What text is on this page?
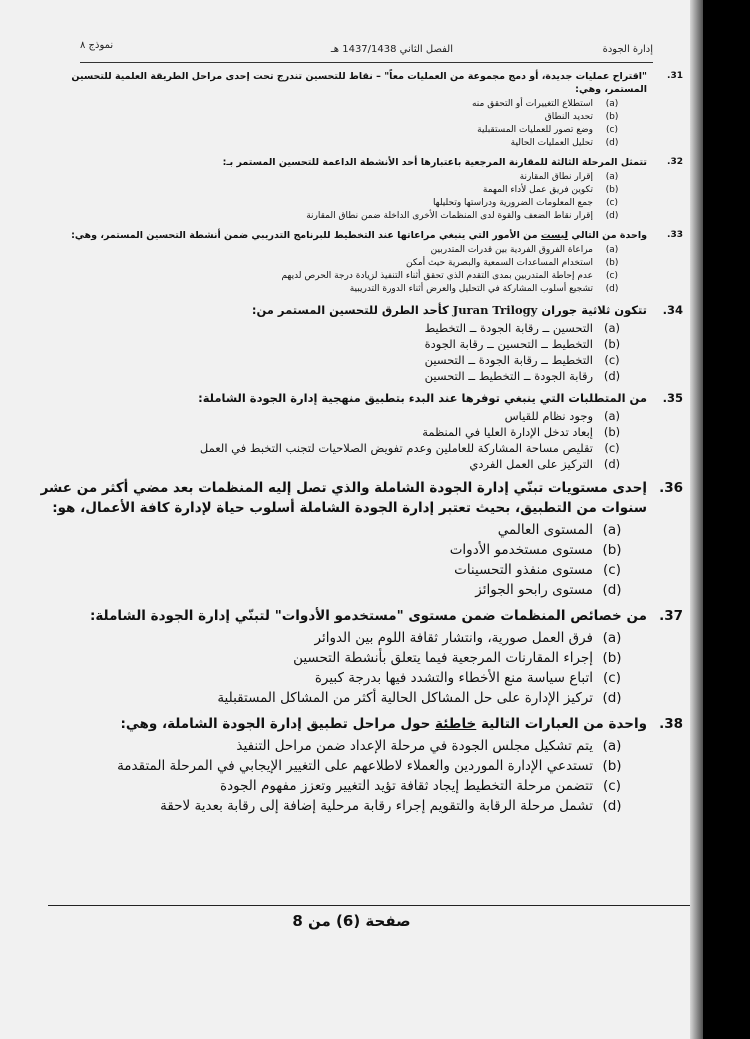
إدارة الجودة
الفصل الثاني 1437/1438 هـ
نموذج ٨
31.
"اقتراح عمليات جديدة، أو دمج مجموعة من العمليات معاً" – نقاط للتحسين تندرج تحت إحدى مراحل الطريقة العلمية للتحسين المستمر، وهي:
(a)
استطلاع التغييرات أو التحقق منه
(b)
تحديد النطاق
(c)
وضع تصور للعمليات المستقبلية
(d)
تحليل العمليات الحالية
32.
تتمثل المرحلة الثالثة للمقارنة المرجعية باعتبارها أحد الأنشطة الداعمة للتحسين المستمر بـ:
(a)
إقرار نطاق المقارنة
(b)
تكوين فريق عمل لأداء المهمة
(c)
جمع المعلومات الضرورية ودراستها وتحليلها
(d)
إقرار نقاط الضعف والقوة لدى المنظمات الأخرى الداخلة ضمن نطاق المقارنة
33.
واحدة من التالي ليست من الأمور التي ينبغي مراعاتها عند التخطيط للبرنامج التدريبي ضمن أنشطة التحسين المستمر، وهي:
(a)
مراعاة الفروق الفردية بين قدرات المتدربين
(b)
استخدام المساعدات السمعية والبصرية حيث أمكن
(c)
عدم إحاطة المتدربين بمدى التقدم الذي تحقق أثناء التنفيذ لزيادة درجة الحرص لديهم
(d)
تشجيع أسلوب المشاركة في التحليل والعرض أثناء الدورة التدريبية
34.
تتكون ثلاثية جوران Juran Trilogy كأحد الطرق للتحسين المستمر من:
(a)
التحسين ــ رقابة الجودة ــ التخطيط
(b)
التخطيط ــ التحسين ــ رقابة الجودة
(c)
التخطيط ــ رقابة الجودة ــ التحسين
(d)
رقابة الجودة ــ التخطيط ــ التحسين
35.
من المتطلبات التي ينبغي توفرها عند البدء بتطبيق منهجية إدارة الجودة الشاملة:
(a)
وجود نظام للقياس
(b)
إبعاد تدخل الإدارة العليا في المنظمة
(c)
تقليص مساحة المشاركة للعاملين وعدم تفويض الصلاحيات لتجنب التخبط في العمل
(d)
التركيز على العمل الفردي
36.
إحدى مستويات تبنّي إدارة الجودة الشاملة والذي تصل إليه المنظمات بعد مضي أكثر من عشر سنوات من التطبيق، بحيث تعتبر إدارة الجودة الشاملة أسلوب حياة لإدارة كافة الأعمال، هو:
(a)
المستوى العالمي
(b)
مستوى مستخدمو الأدوات
(c)
مستوى منفذو التحسينات
(d)
مستوى رابحو الجوائز
37.
من خصائص المنظمات ضمن مستوى "مستخدمو الأدوات" لتبنّي إدارة الجودة الشاملة:
(a)
فرق العمل صورية، وانتشار ثقافة اللوم بين الدوائر
(b)
إجراء المقارنات المرجعية فيما يتعلق بأنشطة التحسين
(c)
اتباع سياسة منع الأخطاء والتشدد فيها بدرجة كبيرة
(d)
تركيز الإدارة على حل المشاكل الحالية أكثر من المشاكل المستقبلية
38.
واحدة من العبارات التالية خاطئة حول مراحل تطبيق إدارة الجودة الشاملة، وهي:
(a)
يتم تشكيل مجلس الجودة في مرحلة الإعداد ضمن مراحل التنفيذ
(b)
تستدعي الإدارة الموردين والعملاء لاطلاعهم على التغيير الإيجابي في المرحلة المتقدمة
(c)
تتضمن مرحلة التخطيط إيجاد ثقافة تؤيد التغيير وتعزز مفهوم الجودة
(d)
تشمل مرحلة الرقابة والتقويم إجراء رقابة مرحلية إضافة إلى رقابة بعدية لاحقة
صفحة (6) من 8
